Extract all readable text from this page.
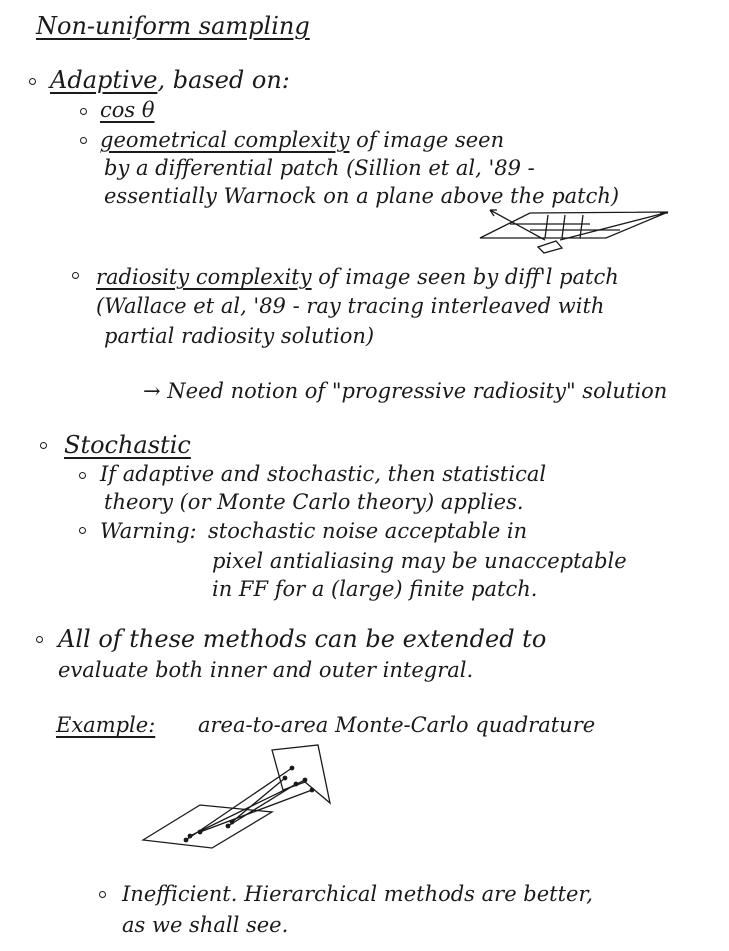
Non-uniform sampling
Adaptive, based on:
cos θ
geometrical complexity of image seen
by a differential patch (Sillion et al, '89 -
essentially Warnock on a plane above the patch)
radiosity complexity of image seen by diff'l patch
(Wallace et al, '89 - ray tracing interleaved with
partial radiosity solution)
→ Need notion of "progressive radiosity" solution
Stochastic
If adaptive and stochastic, then statistical
theory (or Monte Carlo theory) applies.
Warning: stochastic noise acceptable in
pixel antialiasing may be unacceptable
in FF for a (large) finite patch.
All of these methods can be extended to
evaluate both inner and outer integral.
Example: area-to-area Monte-Carlo quadrature
Inefficient. Hierarchical methods are better,
as we shall see.
